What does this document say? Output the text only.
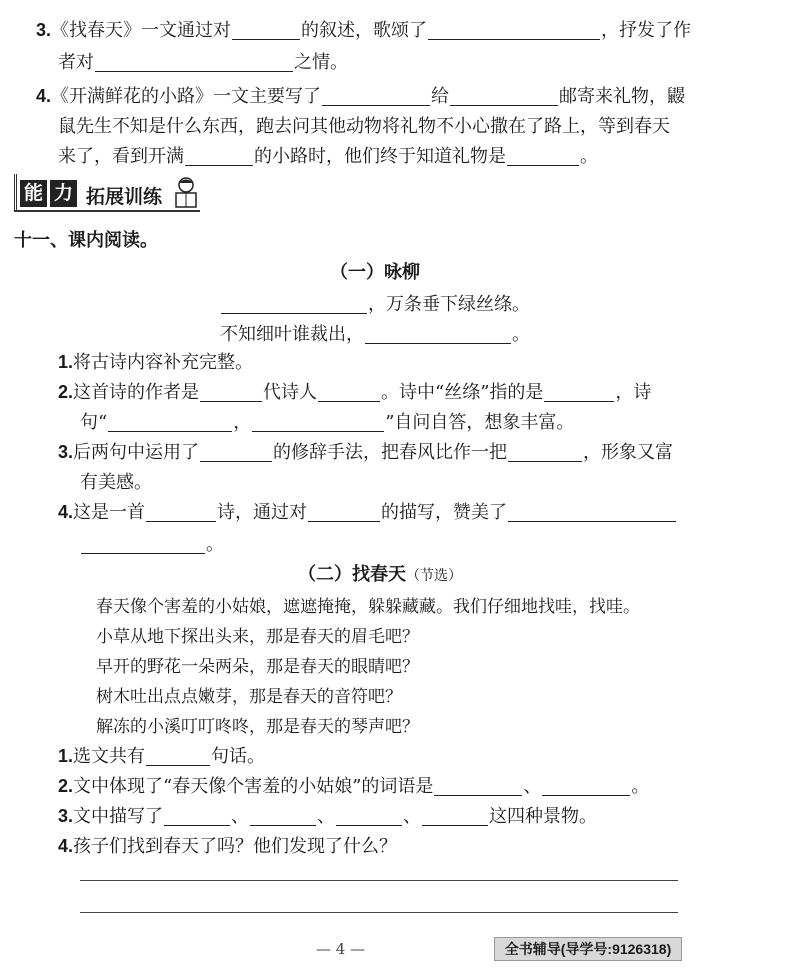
3.《找春天》一文通过对	的叙述，歌颂了	，抒发了作
者对	之情。
4.《开满鲜花的小路》一文主要写了	给	邮寄来礼物，鼹
鼠先生不知是什么东西，跑去问其他动物将礼物不小心撒在了路上，等到春天
来了，看到开满	的小路时，他们终于知道礼物是	。
能 力 拓展训练
十一、课内阅读。
（一）咏柳
，万条垂下绿丝绦。
不知细叶谁裁出，	。
1.将古诗内容补充完整。
2.这首诗的作者是	代诗人	。诗中“丝绦”指的是	，诗
句“	，	”自问自答，想象丰富。
3.后两句中运用了	的修辞手法，把春风比作一把	，形象又富
有美感。
4.这是一首	诗，通过对	的描写，赞美了
。
（二）找春天（节选）
春天像个害羞的小姑娘，遮遮掩掩，躲躲藏藏。我们仔细地找哇，找哇。
小草从地下探出头来，那是春天的眉毛吧？
早开的野花一朵两朵，那是春天的眼睛吧？
树木吐出点点嫩芽，那是春天的音符吧？
解冻的小溪叮叮咚咚，那是春天的琴声吧？
1.选文共有	句话。
2.文中体现了“春天像个害羞的小姑娘”的词语是	、	。
3.文中描写了	、	、	、	这四种景物。
4.孩子们找到春天了吗？他们发现了什么？
— 4 —	全书辅导(导学号:9126318)
